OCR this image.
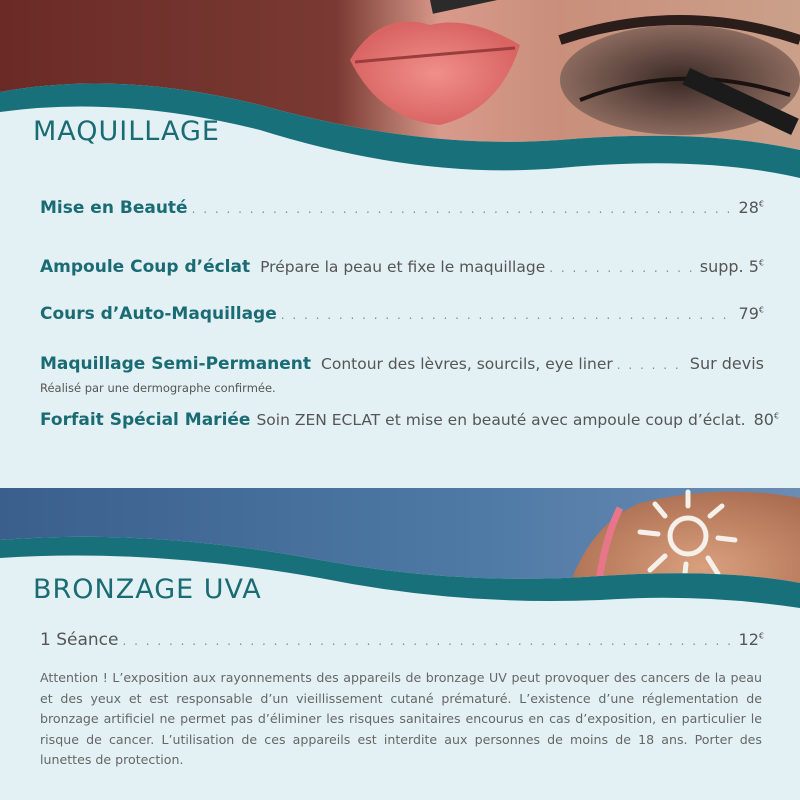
MAQUILLAGE
Mise en Beauté . . .	28€
Ampoule Coup d’éclat Prépare la peau et fixe le maquillage . . .	supp. 5€
Cours d’Auto-Maquillage . . .	79€
Maquillage Semi-Permanent Contour des lèvres, sourcils, eye liner . . .	Sur devis

Réalisé par une dermographe confirmée.

Forfait Spécial Mariée Soin ZEN ECLAT et mise en beauté avec ampoule coup d’éclat. 80€
BRONZAGE UVA
1 Séance . . .	12€

Attention ! L’exposition aux rayonnements des appareils de bronzage UV peut provoquer des cancers de la peau et des yeux et est responsable d’un vieillissement cutané prématuré. L’existence d’une réglementation de bronzage artificiel ne permet pas d’éliminer les risques sanitaires encourus en cas d’exposition, en particulier le risque de cancer. L’utilisation de ces appareils est interdite aux personnes de moins de 18 ans. Porter des lunettes de protection.
